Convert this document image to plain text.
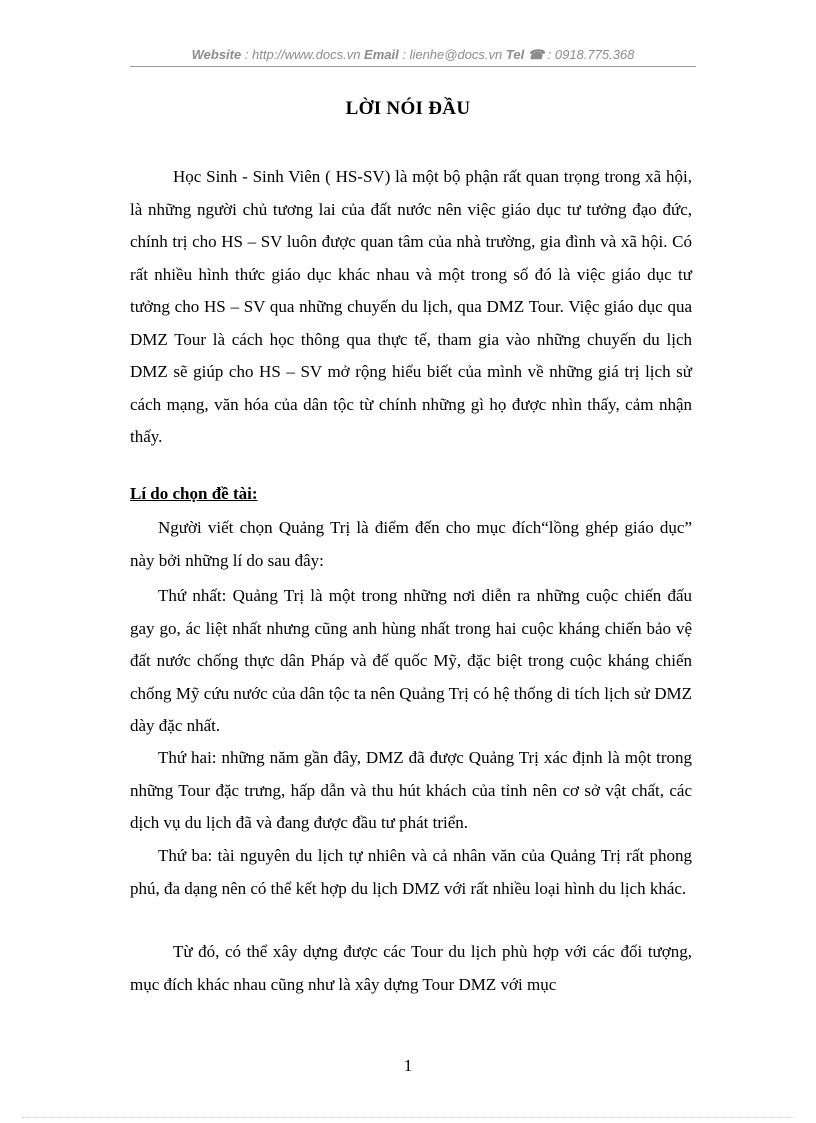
Website : http://www.docs.vn Email : lienhe@docs.vn Tel ☎ : 0918.775.368
LỜI NÓI ĐẦU

Học Sinh - Sinh Viên ( HS-SV) là một bộ phận rất quan trọng trong xã hội, là những người chủ tương lai của đất nước nên việc giáo dục tư tưởng đạo đức, chính trị cho HS – SV luôn được quan tâm của nhà trường, gia đình và xã hội. Có rất nhiều hình thức giáo dục khác nhau và một trong số đó là việc giáo dục tư tưởng cho HS – SV qua những chuyến du lịch, qua DMZ Tour. Việc giáo dục qua DMZ Tour là cách học thông qua thực tế, tham gia vào những chuyến du lịch DMZ sẽ giúp cho HS – SV mở rộng hiểu biết của mình về những giá trị lịch sử cách mạng, văn hóa của dân tộc từ chính những gì họ được nhìn thấy, cảm nhận thấy.

Lí do chọn đề tài:

Người viết chọn Quảng Trị là điểm đến cho mục đích“lồng ghép giáo dục” này bởi những lí do sau đây:

Thứ nhất: Quảng Trị là một trong những nơi diễn ra những cuộc chiến đấu gay go, ác liệt nhất nhưng cũng anh hùng nhất trong hai cuộc kháng chiến bảo vệ đất nước chống thực dân Pháp và đế quốc Mỹ, đặc biệt trong cuộc kháng chiến chống Mỹ cứu nước của dân tộc ta nên Quảng Trị có hệ thống di tích lịch sử DMZ dày đặc nhất.

Thứ hai: những năm gần đây, DMZ đã được Quảng Trị xác định là một trong những Tour đặc trưng, hấp dẫn và thu hút khách của tỉnh nên cơ sở vật chất, các dịch vụ du lịch đã và đang được đầu tư phát triển.

Thứ ba: tài nguyên du lịch tự nhiên và cả nhân văn của Quảng Trị rất phong phú, đa dạng nên có thể kết hợp du lịch DMZ với rất nhiều loại hình du lịch khác.

Từ đó, có thể xây dựng được các Tour du lịch phù hợp với các đối tượng, mục đích khác nhau cũng như là xây dựng Tour DMZ với mục

1
